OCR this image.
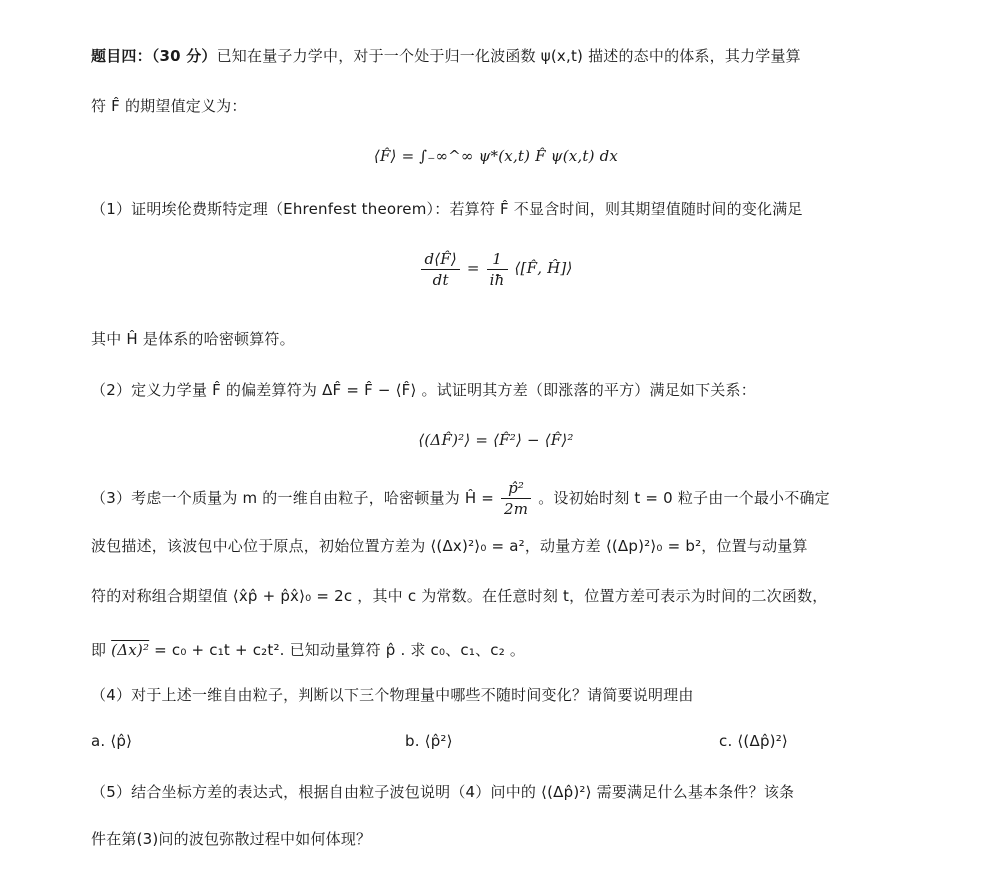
题目四：（30 分）已知在量子力学中，对于一个处于归一化波函数 ψ(x,t) 描述的态中的体系，其力学量算
符 F̂ 的期望值定义为：
⟨F̂⟩ = ∫₋∞^∞ ψ*(x,t) F̂ ψ(x,t) dx
（1）证明埃伦费斯特定理（Ehrenfest theorem）：若算符 F̂ 不显含时间，则其期望值随时间的变化满足
$\frac{d⟨F̂⟩}{dt} = \frac{1}{iħ}$ ⟨[F̂, Ĥ]⟩
其中 Ĥ 是体系的哈密顿算符。
（2）定义力学量 F̂ 的偏差算符为 ΔF̂ = F̂ − ⟨F̂⟩ 。试证明其方差（即涨落的平方）满足如下关系：
⟨(ΔF̂)²⟩ = ⟨F̂²⟩ − ⟨F̂⟩²
（3）考虑一个质量为 m 的一维自由粒子，哈密顿量为 Ĥ = $\frac{\text{p̂²}}{2m}$ 。设初始时刻 t = 0 粒子由一个最小不确定
波包描述，该波包中心位于原点，初始位置方差为 ⟨(Δx)²⟩₀ = a²，动量方差 ⟨(Δp)²⟩₀ = b²，位置与动量算
符的对称组合期望值 ⟨x̂p̂ + p̂x̂⟩₀ = 2c ，其中 c 为常数。在任意时刻 t，位置方差可表示为时间的二次函数，
即 (Δx)² = c₀ + c₁t + c₂t². 已知动量算符 p̂ . 求 c₀、c₁、c₂ 。
（4）对于上述一维自由粒子，判断以下三个物理量中哪些不随时间变化？请简要说明理由
a. ⟨p̂⟩	b. ⟨p̂²⟩	c. ⟨(Δp̂)²⟩
（5）结合坐标方差的表达式，根据自由粒子波包说明（4）问中的 ⟨(Δp̂)²⟩ 需要满足什么基本条件？该条
件在第(3)问的波包弥散过程中如何体现？
